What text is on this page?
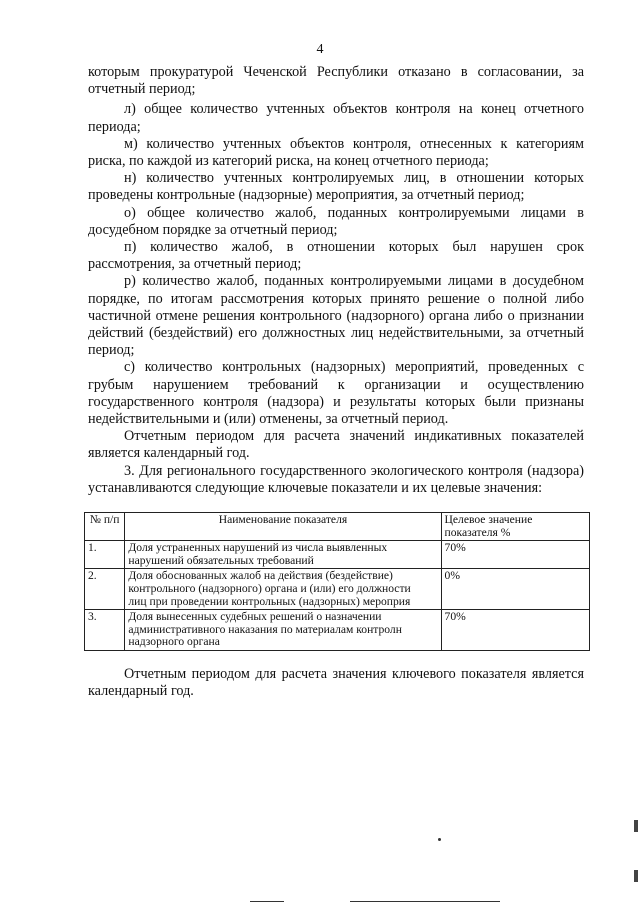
4

которым прокуратурой Чеченской Республики отказано в согласовании, за отчетный период;

л) общее количество учтенных объектов контроля на конец отчетного периода;

м) количество учтенных объектов контроля, отнесенных к категориям риска, по каждой из категорий риска, на конец отчетного периода;

н) количество учтенных контролируемых лиц, в отношении которых проведены контрольные (надзорные) мероприятия, за отчетный период;

о) общее количество жалоб, поданных контролируемыми лицами в досудебном порядке за отчетный период;

п) количество жалоб, в отношении которых был нарушен срок рассмотрения, за отчетный период;

р) количество жалоб, поданных контролируемыми лицами в досудебном порядке, по итогам рассмотрения которых принято решение о полной либо частичной отмене решения контрольного (надзорного) органа либо о признании действий (бездействий) его должностных лиц недействительными, за отчетный период;

с) количество контрольных (надзорных) мероприятий, проведенных с грубым нарушением требований к организации и осуществлению государственного контроля (надзора) и результаты которых были признаны недействительными и (или) отменены, за отчетный период.

Отчетным периодом для расчета значений индикативных показателей является календарный год.

3. Для регионального государственного экологического контроля (надзора) устанавливаются следующие ключевые показатели и их целевые значения:

№ п/п	Наименование показателя	Целевое значение показателя %
1.	Доля устраненных нарушений из числа выявленных
нарушений обязательных требований	70%
2.	Доля обоснованных жалоб на действия (бездействие)
контрольного (надзорного) органа и (или) его должности
лиц при проведении контрольных (надзорных) мероприя	0%
3.	Доля вынесенных судебных решений о назначении
административного наказания по материалам контролн
надзорного органа	70%

Отчетным периодом для расчета значения ключевого показателя является календарный год.
